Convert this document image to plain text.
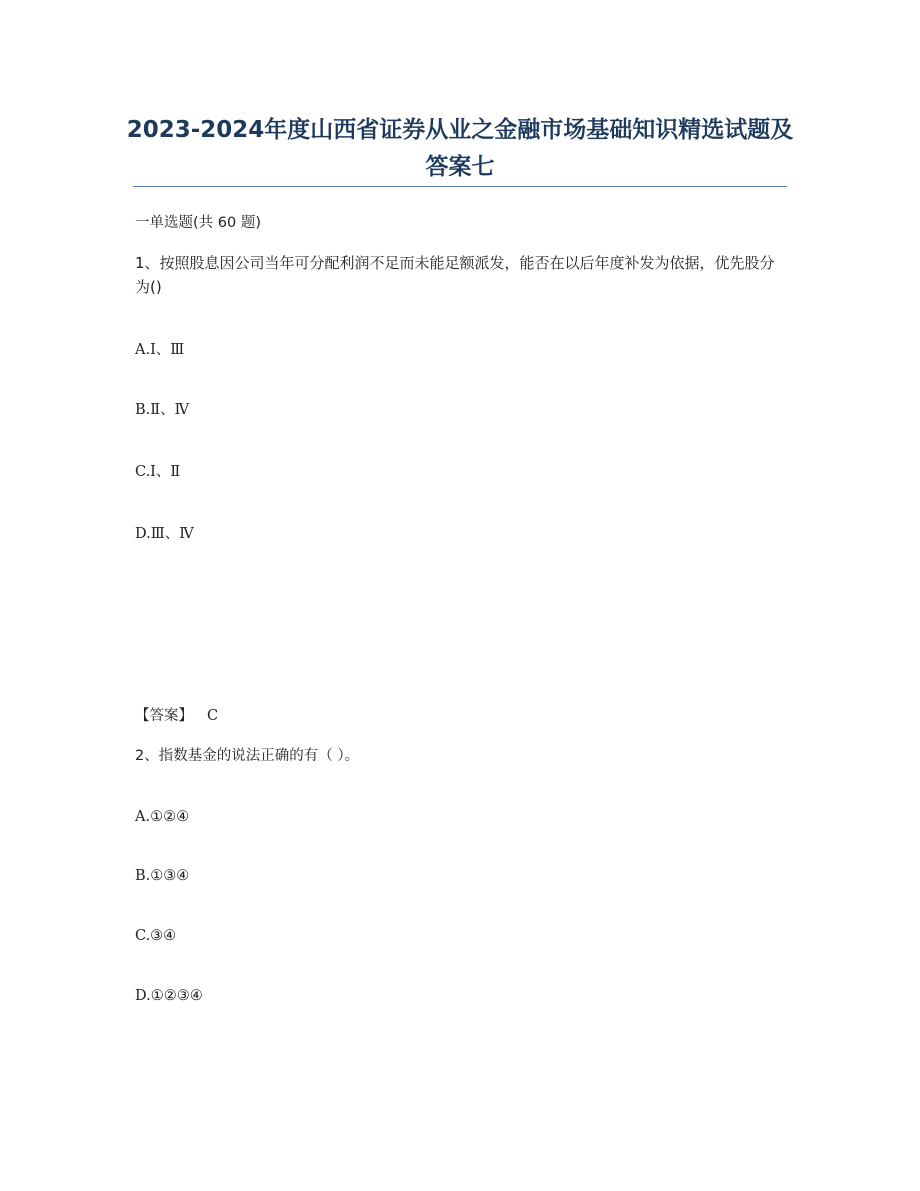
2023-2024年度山西省证券从业之金融市场基础知识精选试题及答案七
一单选题(共 60 题)
1、按照股息因公司当年可分配利润不足而未能足额派发，能否在以后年度补发为依据，优先股分为()
A.Ⅰ、Ⅲ
B.Ⅱ、Ⅳ
C.Ⅰ、Ⅱ
D.Ⅲ、Ⅳ
【答案】 C
2、指数基金的说法正确的有（ ）。
A.①②④
B.①③④
C.③④
D.①②③④
